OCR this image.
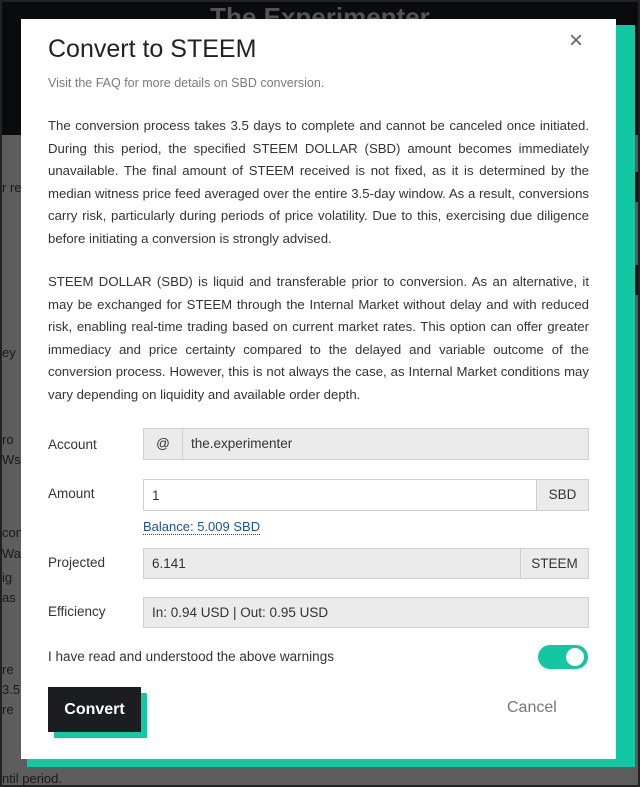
Convert to STEEM	×
Visit the FAQ for more details on SBD conversion.

The conversion process takes 3.5 days to complete and cannot be canceled once initiated. During this period, the specified STEEM DOLLAR (SBD) amount becomes immediately unavailable. The final amount of STEEM received is not fixed, as it is determined by the median witness price feed averaged over the entire 3.5-day window. As a result, conversions carry risk, particularly during periods of price volatility. Due to this, exercising due diligence before initiating a conversion is strongly advised.

STEEM DOLLAR (SBD) is liquid and transferable prior to conversion. As an alternative, it may be exchanged for STEEM through the Internal Market without delay and with reduced risk, enabling real-time trading based on current market rates. This option can offer greater immediacy and price certainty compared to the delayed and variable outcome of the conversion process. However, this is not always the case, as Internal Market conditions may vary depending on liquidity and available order depth.

Account	@	the.experimenter
Amount
1	SBD
Balance: 5.009 SBD
Projected	6.141	STEEM
Efficiency	In: 0.94 USD | Out: 0.95 USD
I have read and understood the above warnings
Convert	Cancel
